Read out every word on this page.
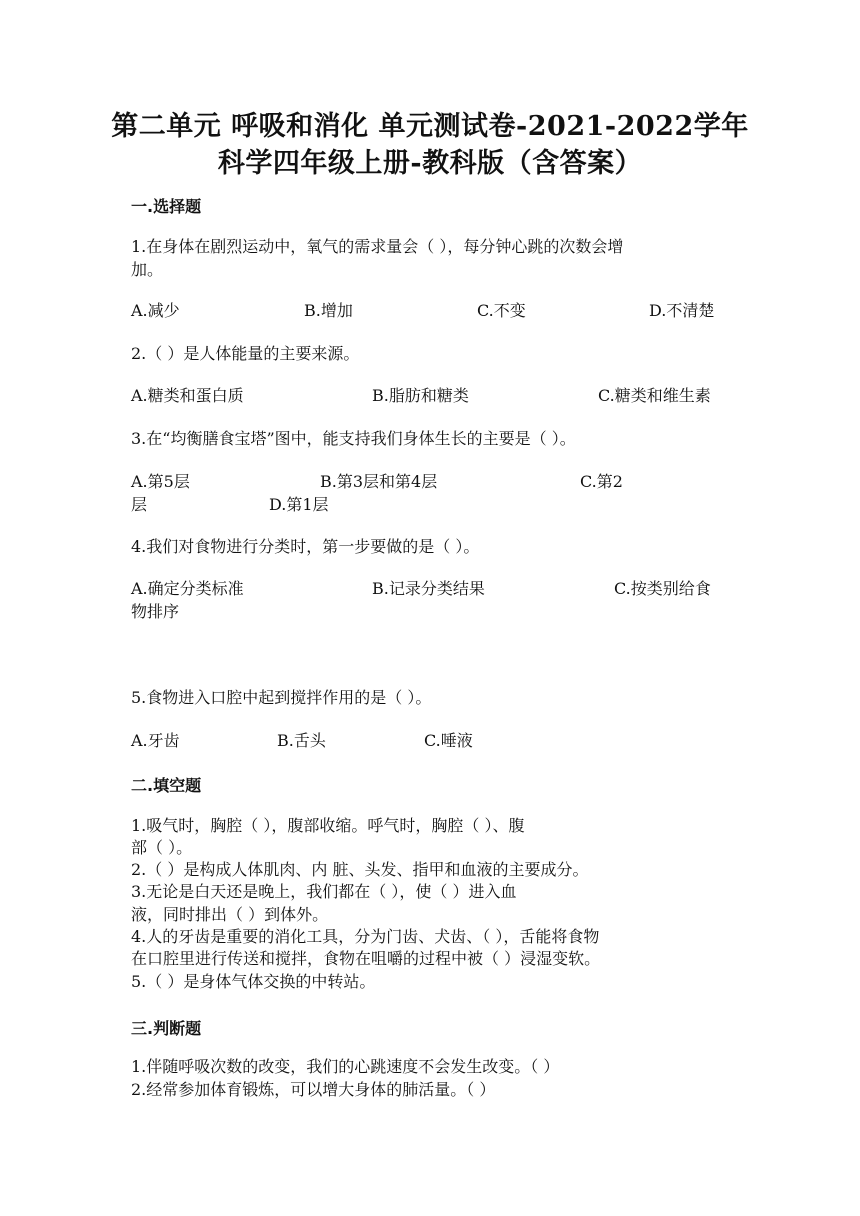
第二单元 呼吸和消化 单元测试卷-2021-2022学年
科学四年级上册-教科版（含答案）
一.选择题
1.在身体在剧烈运动中，氧气的需求量会（ ），每分钟心跳的次数会增
加。
A.减少	B.增加	C.不变	D.不清楚
2.（ ）是人体能量的主要来源。
A.糖类和蛋白质	B.脂肪和糖类	C.糖类和维生素
3.在“均衡膳食宝塔”图中，能支持我们身体生长的主要是（ ）。
A.第5层	B.第3层和第4层	C.第2
层	D.第1层
4.我们对食物进行分类时，第一步要做的是（ ）。
A.确定分类标准	B.记录分类结果	C.按类别给食
物排序
5.食物进入口腔中起到搅拌作用的是（ ）。
A.牙齿	B.舌头	C.唾液
二.填空题
1.吸气时，胸腔（ ），腹部收缩。呼气时，胸腔（ ）、腹
部（ ）。
2.（ ）是构成人体肌肉、内 脏、头发、指甲和血液的主要成分。
3.无论是白天还是晚上，我们都在（ ），使（ ）进入血
液，同时排出（ ）到体外。
4.人的牙齿是重要的消化工具，分为门齿、犬齿、（ ），舌能将食物
在口腔里进行传送和搅拌，食物在咀嚼的过程中被（ ）浸湿变软。
5.（ ）是身体气体交换的中转站。
三.判断题
1.伴随呼吸次数的改变，我们的心跳速度不会发生改变。（ ）
2.经常参加体育锻炼，可以增大身体的肺活量。（ ）
